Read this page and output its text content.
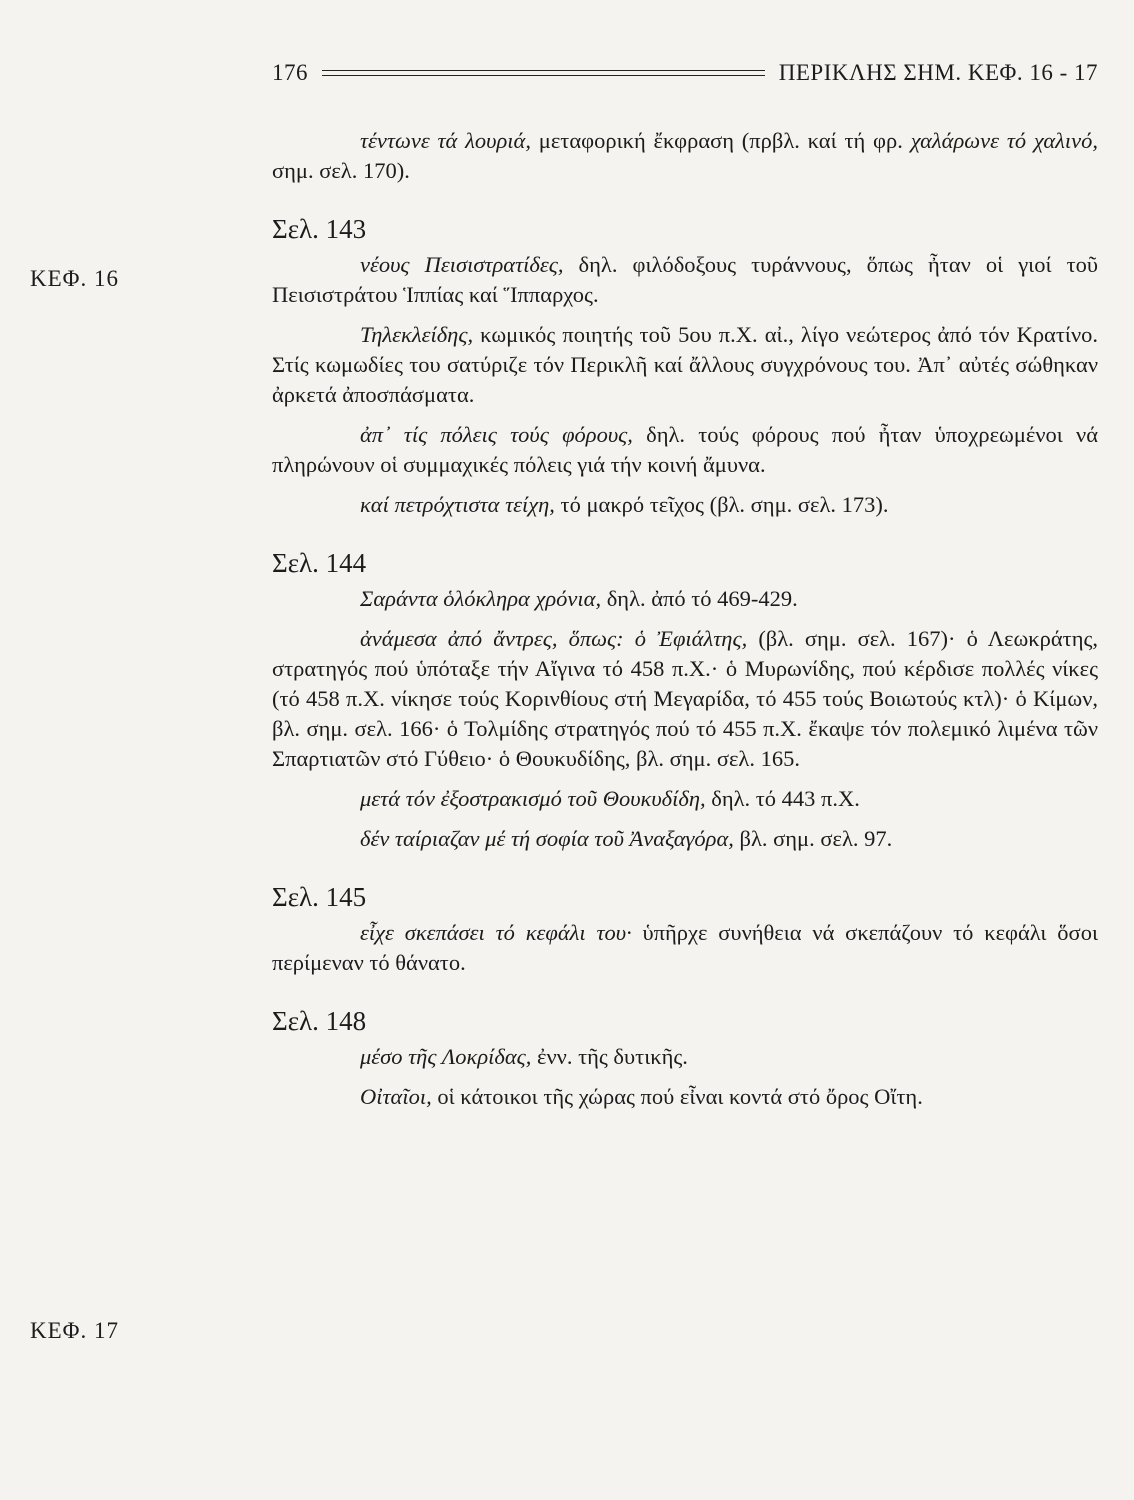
176	ΠΕΡΙΚΛΗΣ ΣΗΜ. ΚΕΦ. 16 - 17
ΚΕΦ. 16
ΚΕΦ. 17

τέντωνε τά λουριά, μεταφορική ἔκφραση (πρβλ. καί τή φρ. χαλάρωνε τό χαλινό, σημ. σελ. 170).

Σελ. 143

νέους Πεισιστρατίδες, δηλ. φιλόδοξους τυράννους, ὅπως ἦταν οἱ γιοί τοῦ Πεισιστράτου Ἱππίας καί Ἵππαρχος.

Τηλεκλείδης, κωμικός ποιητής τοῦ 5ου π.Χ. αἰ., λίγο νεώτερος ἀπό τόν Κρατίνο. Στίς κωμωδίες του σατύριζε τόν Περικλῆ καί ἄλλους συγχρόνους του. Ἀπ᾽ αὐτές σώθηκαν ἀρκετά ἀποσπάσματα.

ἀπ᾽ τίς πόλεις τούς φόρους, δηλ. τούς φόρους πού ἦταν ὑποχρεωμένοι νά πληρώνουν οἱ συμμαχικές πόλεις γιά τήν κοινή ἄμυνα.

καί πετρόχτιστα τείχη, τό μακρό τεῖχος (βλ. σημ. σελ. 173).

Σελ. 144

Σαράντα ὁλόκληρα χρόνια, δηλ. ἀπό τό 469-429.

ἀνάμεσα ἀπό ἄντρες, ὅπως: ὁ Ἐφιάλτης, (βλ. σημ. σελ. 167)· ὁ Λεωκράτης, στρατηγός πού ὑπόταξε τήν Αἴγινα τό 458 π.Χ.· ὁ Μυρωνίδης, πού κέρδισε πολλές νίκες (τό 458 π.Χ. νίκησε τούς Κορινθίους στή Μεγαρίδα, τό 455 τούς Βοιωτούς κτλ)· ὁ Κίμων, βλ. σημ. σελ. 166· ὁ Τολμίδης στρατηγός πού τό 455 π.Χ. ἔκαψε τόν πολεμικό λιμένα τῶν Σπαρτιατῶν στό Γύθειο· ὁ Θουκυδίδης, βλ. σημ. σελ. 165.

μετά τόν ἐξοστρακισμό τοῦ Θουκυδίδη, δηλ. τό 443 π.Χ.

δέν ταίριαζαν μέ τή σοφία τοῦ Ἀναξαγόρα, βλ. σημ. σελ. 97.

Σελ. 145

εἶχε σκεπάσει τό κεφάλι του· ὑπῆρχε συνήθεια νά σκεπάζουν τό κεφάλι ὅσοι περίμεναν τό θάνατο.

Σελ. 148

μέσο τῆς Λοκρίδας, ἐνν. τῆς δυτικῆς.

Οἰταῖοι, οἱ κάτοικοι τῆς χώρας πού εἶναι κοντά στό ὄρος Οἴτη.
